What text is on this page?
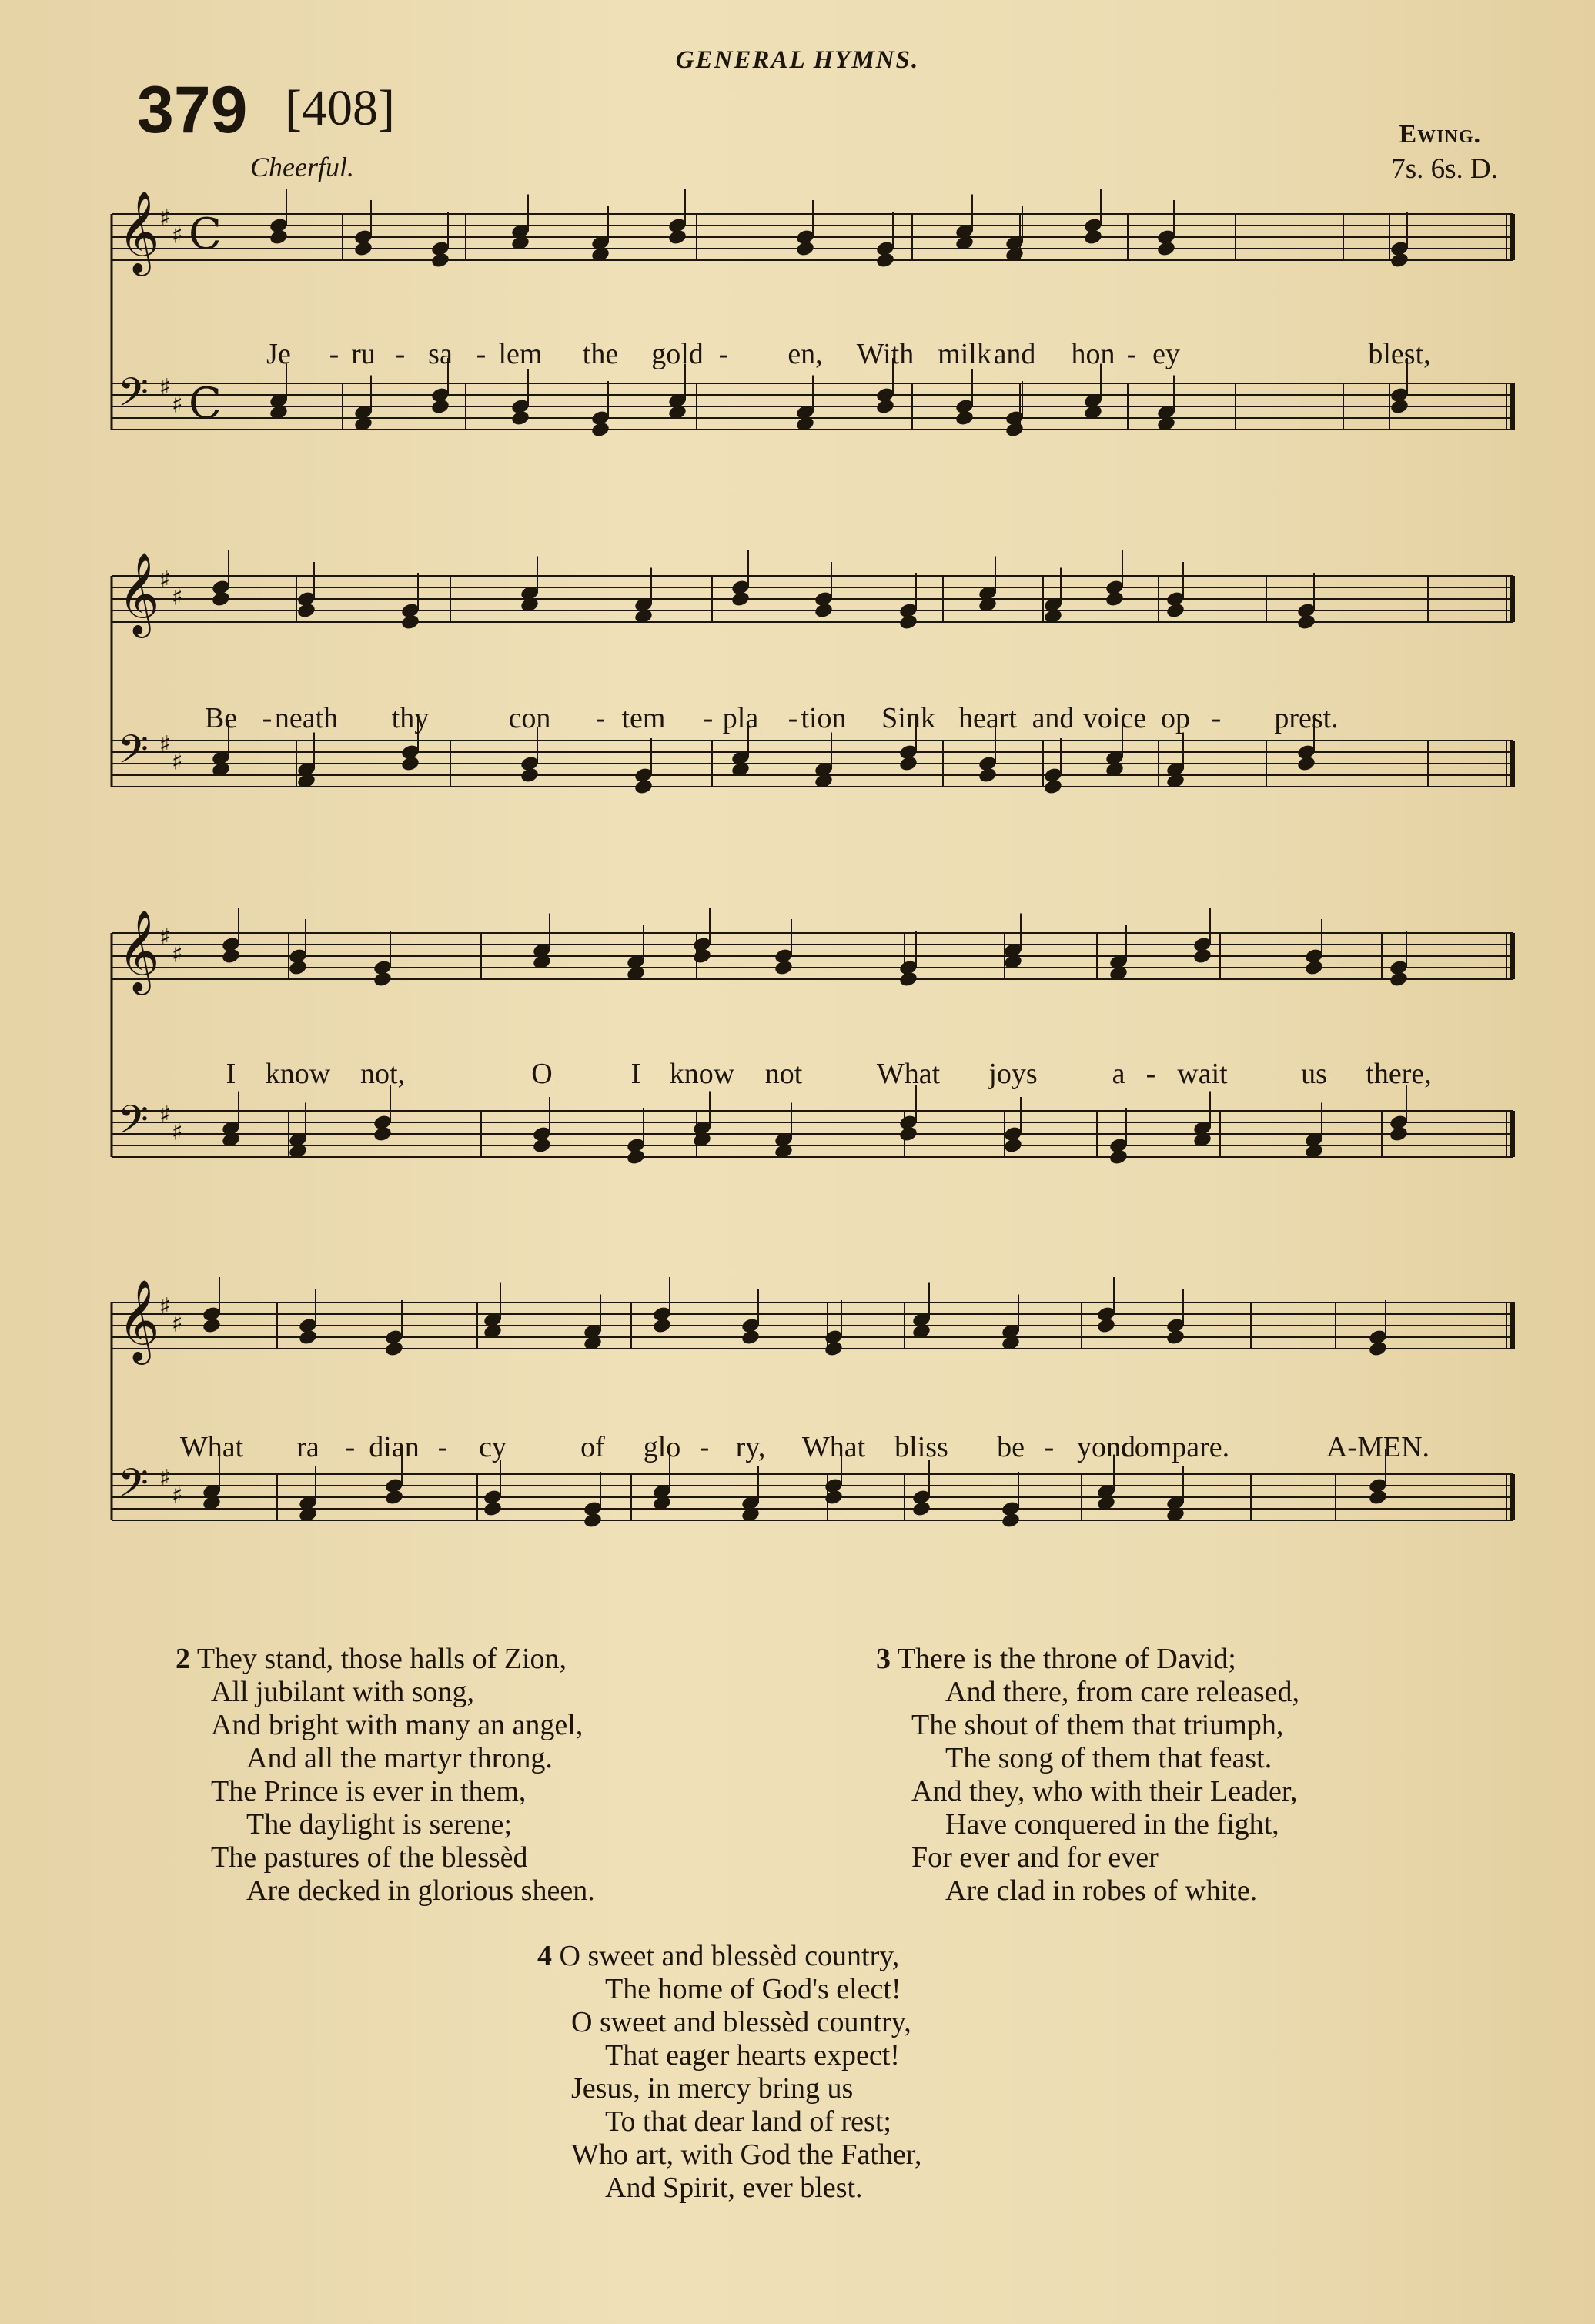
GENERAL HYMNS.
379 [408]
Cheerful.
Ewing.
7s. 6s. D.
𝄞 ♯
♯ C
𝄢 ♯
♯ C
Je - ru - sa - lem the gold - en, With milk and hon - ey	blest,
𝄞 ♯
♯
𝄢 ♯
♯
Be - neath thy	con - tem - pla - tion Sink heart and voice op - prest.
𝄞 ♯
♯
𝄢 ♯
♯
I know not,	O	I know not	What joys	a - wait	us there,
𝄞 ♯
♯
𝄢 ♯
♯
What ra - dian - cy	of glo - ry, What bliss be - yond
compare.	A-MEN.
2 They stand, those halls of Zion,
All jubilant with song,
And bright with many an angel,
And all the martyr throng.
The Prince is ever in them,
The daylight is serene;
The pastures of the blessèd
Are decked in glorious sheen.
3 There is the throne of David;
And there, from care released,
The shout of them that triumph,
The song of them that feast.
And they, who with their Leader,
Have conquered in the fight,
For ever and for ever
Are clad in robes of white.
4 O sweet and blessèd country,
The home of God's elect!
O sweet and blessèd country,
That eager hearts expect!
Jesus, in mercy bring us
To that dear land of rest;
Who art, with God the Father,
And Spirit, ever blest.
